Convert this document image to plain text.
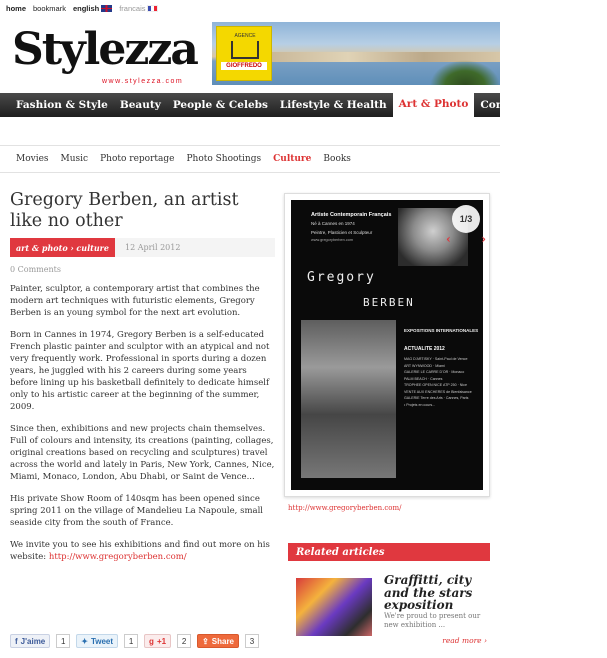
home bookmark english	francais
Stylezza
www.stylezza.com
AGENCE
GIOFFREDO
Fashion & Style	Beauty	People & Celebs	Lifestyle & Health	Art & Photo	Competitions	Shop
Movies	Music	Photo reportage	Photo Shootings	Culture	Books
Gregory Berben, an artist like no other
art & photo › culture	12 April 2012
0 Comments

Painter, sculptor, a contemporary artist that combines the modern art techniques with futuristic elements, Gregory Berben is an young symbol for the next art evolution.

Born in Cannes in 1974, Gregory Berben is a self-educated French plastic painter and sculptor with an atypical and not very frequently work. Professional in sports during a dozen years, he juggled with his 2 careers during some years before lining up his basketball definitely to dedicate himself only to his artistic career at the beginning of the summer, 2009.

Since then, exhibitions and new projects chain themselves. Full of colours and intensity, its creations (painting, collages, original creations based on recycling and sculptures) travel across the world and lately in Paris, New York, Cannes, Nice, Miami, Monaco, London, Abu Dhabi, or Saint de Vence...

His private Show Room of 140sqm has been opened since spring 2011 on the village of Mandelieu La Napoule, small seaside city from the south of France.

We invite you to see his exhibitions and find out more on his website: http://www.gregoryberben.com/

f J'aime	1	✦ Tweet	1	g +1	2	⇪ Share	3
Artiste Contemporain Français
Né à Cannes en 1974
Peintre, Plasticien et Sculpteur
www.gregoryberben.com
Gregory
BERBEN
EXPOSITIONS INTERNATIONALES
ACTUALITE 2012
MAG D'ARTISKY · Saint-Paul de Vence
ART WYNWOOD · Miami
GALERIE LE CARRE D'OR · Monaco
PALM BEACH · Cannes
TROPHEE OPEN NICE ATP 250 · Nice
VENTE AUX ENCHERES de Bienfaisance
GALERIE Terre des Arts · Cannes, Paris
• Projets en cours...
1/3
‹	›
http://www.gregoryberben.com/
Related articles
Graffitti, city and the stars exposition
We're proud to present our new exhibition ...
read more ›
